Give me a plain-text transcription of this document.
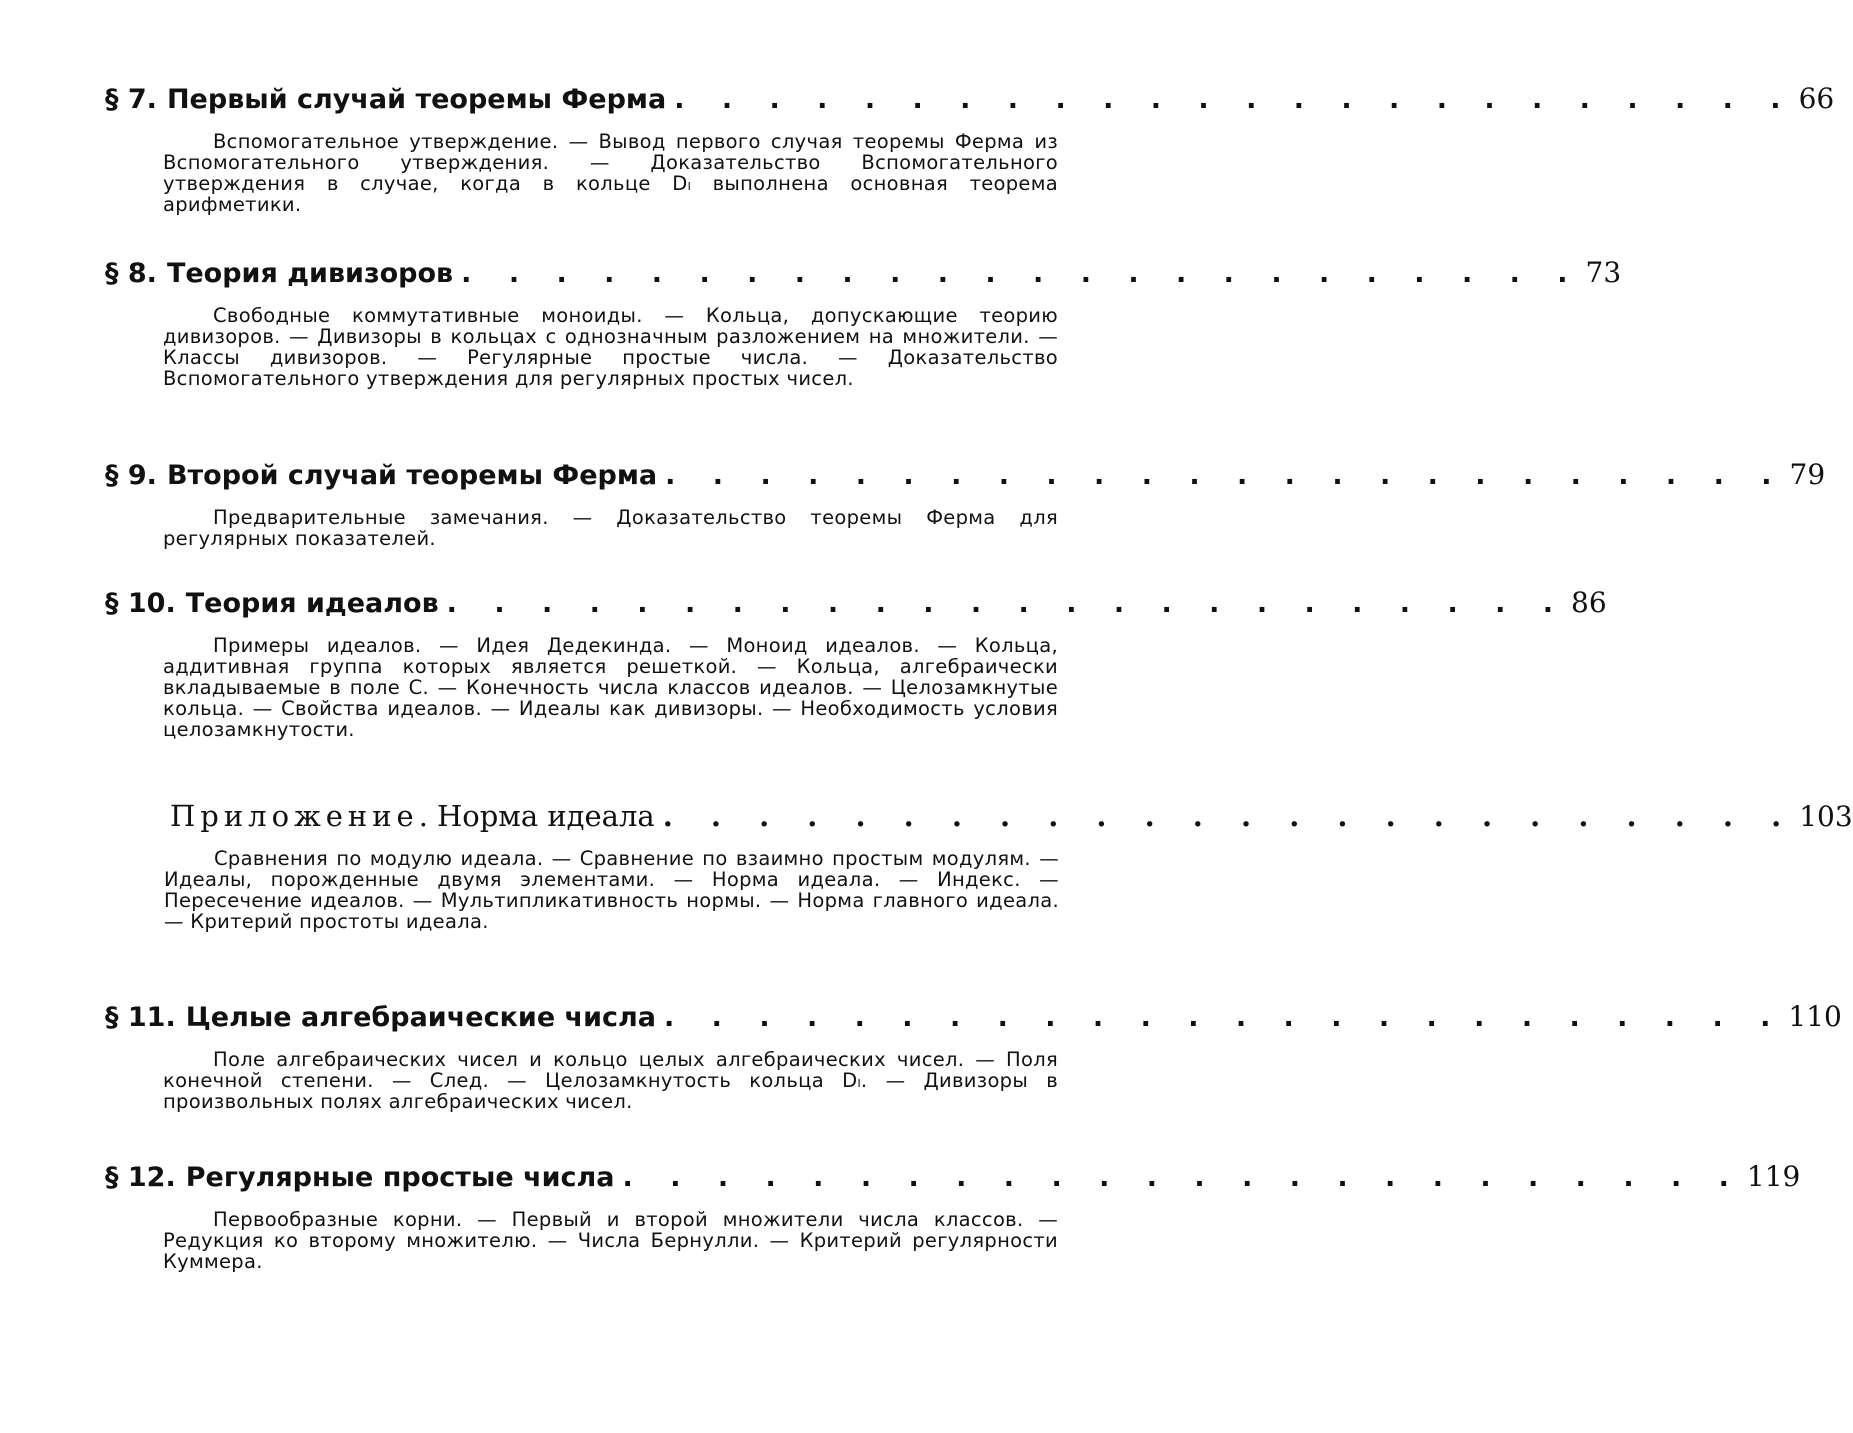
§ 7. Первый случай теоремы Ферма . . . . . . . . . . . . . . . . . . . . . . . . 66
Вспомогательное утверждение. — Вывод первого случая теоремы Ферма из Вспомогательного утверждения. — Доказательство Вспомогательного утверждения в случае, когда в кольце Dₗ выполнена основная теорема арифметики.
§ 8. Теория дивизоров . . . . . . . . . . . . . . . . . . . . . . . . 73
Свободные коммутативные моноиды. — Кольца, допускающие теорию дивизоров. — Дивизоры в кольцах с однозначным разложением на множители. — Классы дивизоров. — Регулярные простые числа. — Доказательство Вспомогательного утверждения для регулярных простых чисел.
§ 9. Второй случай теоремы Ферма . . . . . . . . . . . . . . . . . . . . . . . . 79
Предварительные замечания. — Доказательство теоремы Ферма для регулярных показателей.
§ 10. Теория идеалов . . . . . . . . . . . . . . . . . . . . . . . . 86
Примеры идеалов. — Идея Дедекинда. — Моноид идеалов. — Кольца, аддитивная группа которых является решеткой. — Кольца, алгебраически вкладываемые в поле C. — Конечность числа классов идеалов. — Целозамкнутые кольца. — Свойства идеалов. — Идеалы как дивизоры. — Необходимость условия целозамкнутости.
Приложение. Норма идеала . . . . . . . . . . . . . . . . . . . . . . . . 103
Сравнения по модулю идеала. — Сравнение по взаимно простым модулям. — Идеалы, порожденные двумя элементами. — Норма идеала. — Индекс. — Пересечение идеалов. — Мультипликативность нормы. — Норма главного идеала. — Критерий простоты идеала.
§ 11. Целые алгебраические числа . . . . . . . . . . . . . . . . . . . . . . . . 110
Поле алгебраических чисел и кольцо целых алгебраических чисел. — Поля конечной степени. — След. — Целозамкнутость кольца Dₗ. — Дивизоры в произвольных полях алгебраических чисел.
§ 12. Регулярные простые числа . . . . . . . . . . . . . . . . . . . . . . . . 119
Первообразные корни. — Первый и второй множители числа классов. — Редукция ко второму множителю. — Числа Бернулли. — Критерий регулярности Куммера.
